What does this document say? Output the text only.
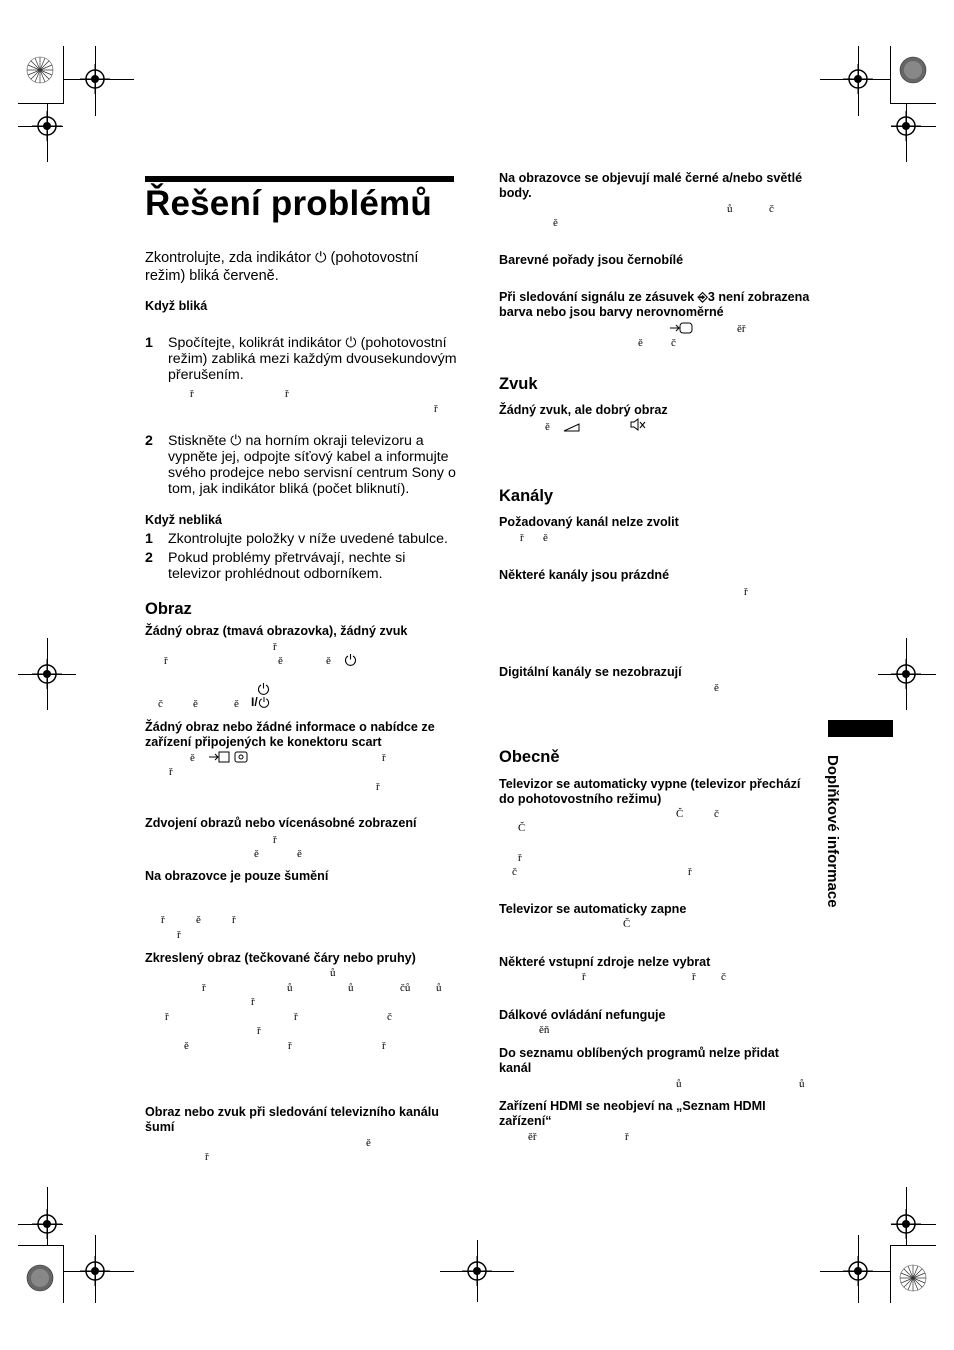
Řešení problémů
Zkontrolujte, zda indikátor ⏻ (pohotovostní režim) bliká červeně.
Když bliká
1 Spočítejte, kolikrát indikátor ⏻ (pohotovostní režim) zabliká mezi každým dvousekundovým přerušením.
ř	ř
ř
2 Stiskněte ⏻ na horním okraji televizoru a vypněte jej, odpojte síťový kabel a informujte svého prodejce nebo servisní centrum Sony o tom, jak indikátor bliká (počet bliknutí).
Když nebliká
1 Zkontrolujte položky v níže uvedené tabulce.
2 Pokud problémy přetrvávají, nechte si televizor prohlédnout odborníkem.
Obraz
Žádný obraz (tmavá obrazovka), žádný zvuk
ř
ř	ě	ě
č	ě	ě I/
Žádný obraz nebo žádné informace o nabídce ze zařízení připojených ke konektoru scart
ě	ř
ř
ř
Zdvojení obrazů nebo vícenásobné zobrazení
ř
ě	ě
Na obrazovce je pouze šumění
ř	ě	ř
ř
Zkreslený obraz (tečkované čáry nebo pruhy)
ů
ř	ů	ů	čů ů
ř
ř	ř	č
ř
ě	ř	ř
Obraz nebo zvuk při sledování televizního kanálu šumí
ě
ř
Na obrazovce se objevují malé černé a/nebo světlé body.
ů	č
ě
Barevné pořady jsou černobílé
Při sledování signálu ze zásuvek ⎆3 není zobrazena barva nebo jsou barvy nerovnoměrné
ěř
ě	č
Zvuk
Žádný zvuk, ale dobrý obraz
ě
Kanály
Požadovaný kanál nelze zvolit
ř ě
Některé kanály jsou prázdné
ř
Digitální kanály se nezobrazují
ě
Obecně
Televizor se automaticky vypne (televizor přechází do pohotovostního režimu)
Č	č
Č
ř
č	ř
Televizor se automaticky zapne
Č
Některé vstupní zdroje nelze vybrat
ř	ř č
Dálkové ovládání nefunguje
ěň
Do seznamu oblíbených programů nelze přidat kanál
ů	ů
Zařízení HDMI se neobjeví na „Seznam HDMI zařízení“
ěř	ř
Doplňkové informace
